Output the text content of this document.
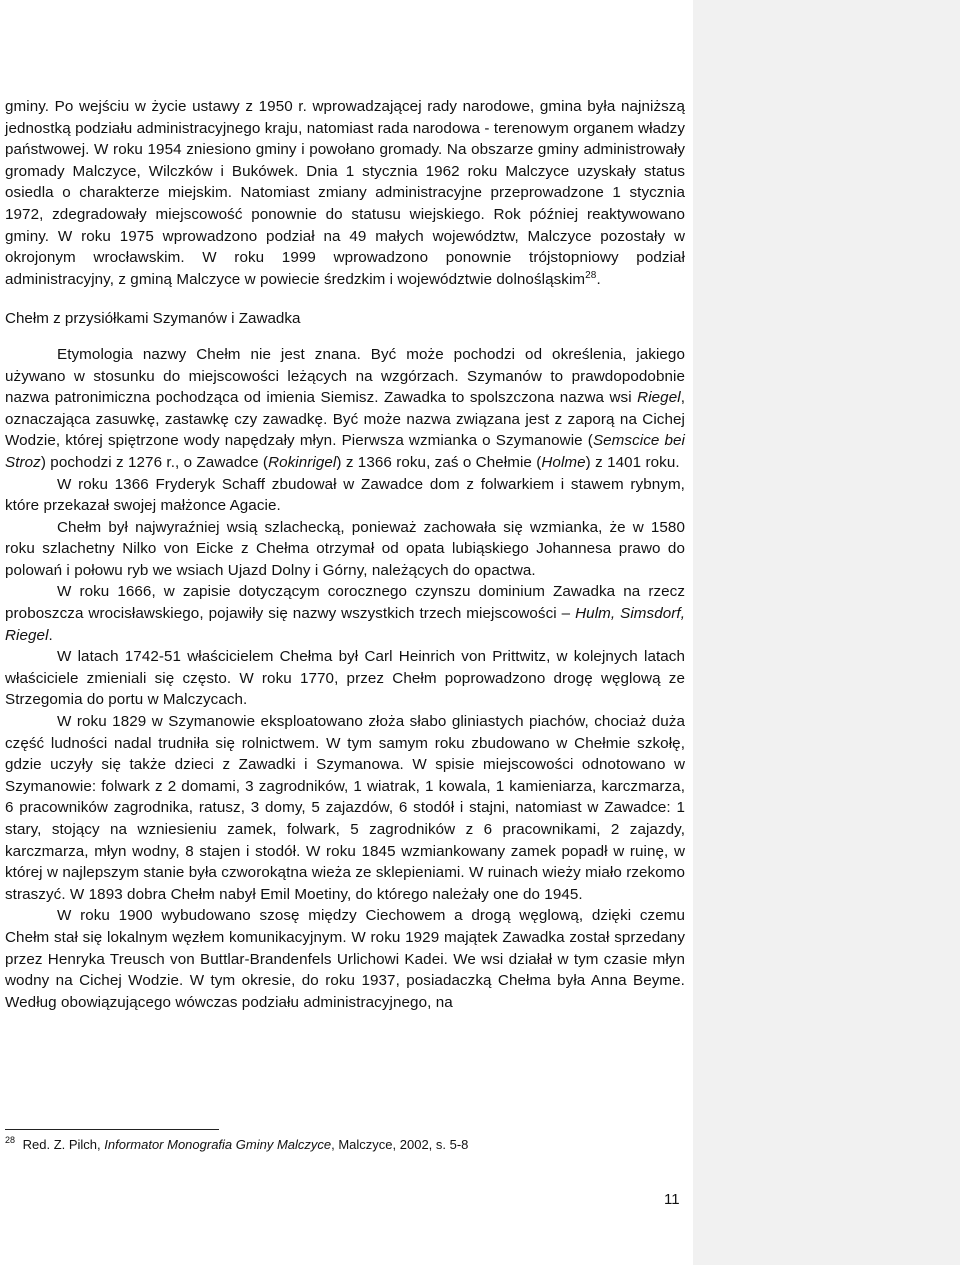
gminy. Po wejściu w życie ustawy z 1950 r. wprowadzającej rady narodowe, gmina była najniższą jednostką podziału administracyjnego kraju, natomiast rada narodowa - terenowym organem władzy państwowej. W roku 1954 zniesiono gminy i powołano gromady. Na obszarze gminy administrowały gromady Malczyce, Wilczków i Bukówek. Dnia 1 stycznia 1962 roku Malczyce uzyskały status osiedla o charakterze miejskim. Natomiast zmiany administracyjne przeprowadzone 1 stycznia 1972, zdegradowały miejscowość ponownie do statusu wiejskiego. Rok później reaktywowano gminy. W roku 1975 wprowadzono podział na 49 małych województw, Malczyce pozostały w okrojonym wrocławskim. W roku 1999 wprowadzono ponownie trójstopniowy podział administracyjny, z gminą Malczyce w powiecie średzkim i województwie dolnośląskim$^{28}$.

Chełm z przysiółkami Szymanów i Zawadka

Etymologia nazwy Chełm nie jest znana. Być może pochodzi od określenia, jakiego używano w stosunku do miejscowości leżących na wzgórzach. Szymanów to prawdopodobnie nazwa patronimiczna pochodząca od imienia Siemisz. Zawadka to spolszczona nazwa wsi Riegel, oznaczająca zasuwkę, zastawkę czy zawadkę. Być może nazwa związana jest z zaporą na Cichej Wodzie, której spiętrzone wody napędzały młyn. Pierwsza wzmianka o Szymanowie (Semscice bei Stroz) pochodzi z 1276 r., o Zawadce (Rokinrigel) z 1366 roku, zaś o Chełmie (Holme) z 1401 roku.

W roku 1366 Fryderyk Schaff zbudował w Zawadce dom z folwarkiem i stawem rybnym, które przekazał swojej małżonce Agacie.

Chełm był najwyraźniej wsią szlachecką, ponieważ zachowała się wzmianka, że w 1580 roku szlachetny Nilko von Eicke z Chełma otrzymał od opata lubiąskiego Johannesa prawo do polowań i połowu ryb we wsiach Ujazd Dolny i Górny, należących do opactwa.

W roku 1666, w zapisie dotyczącym corocznego czynszu dominium Zawadka na rzecz proboszcza wrocisławskiego, pojawiły się nazwy wszystkich trzech miejscowości – Hulm, Simsdorf, Riegel.

W latach 1742-51 właścicielem Chełma był Carl Heinrich von Prittwitz, w kolejnych latach właściciele zmieniali się często. W roku 1770, przez Chełm poprowadzono drogę węglową ze Strzegomia do portu w Malczycach.

W roku 1829 w Szymanowie eksploatowano złoża słabo gliniastych piachów, chociaż duża część ludności nadal trudniła się rolnictwem. W tym samym roku zbudowano w Chełmie szkołę, gdzie uczyły się także dzieci z Zawadki i Szymanowa. W spisie miejscowości odnotowano w Szymanowie: folwark z 2 domami, 3 zagrodników, 1 wiatrak, 1 kowala, 1 kamieniarza, karczmarza, 6 pracowników zagrodnika, ratusz, 3 domy, 5 zajazdów, 6 stodół i stajni, natomiast w Zawadce: 1 stary, stojący na wzniesieniu zamek, folwark, 5 zagrodników z 6 pracownikami, 2 zajazdy, karczmarza, młyn wodny, 8 stajen i stodół. W roku 1845 wzmiankowany zamek popadł w ruinę, w której w najlepszym stanie była czworokątna wieża ze sklepieniami. W ruinach wieży miało rzekomo straszyć. W 1893 dobra Chełm nabył Emil Moetiny, do którego należały one do 1945.

W roku 1900 wybudowano szosę między Ciechowem a drogą węglową, dzięki czemu Chełm stał się lokalnym węzłem komunikacyjnym. W roku 1929 majątek Zawadka został sprzedany przez Henryka Treusch von Buttlar-Brandenfels Urlichowi Kadei. We wsi działał w tym czasie młyn wodny na Cichej Wodzie. W tym okresie, do roku 1937, posiadaczką Chełma była Anna Beyme. Według obowiązującego wówczas podziału administracyjnego, na

$^{28}$ Red. Z. Pilch, Informator Monografia Gminy Malczyce, Malczyce, 2002, s. 5-8
11
